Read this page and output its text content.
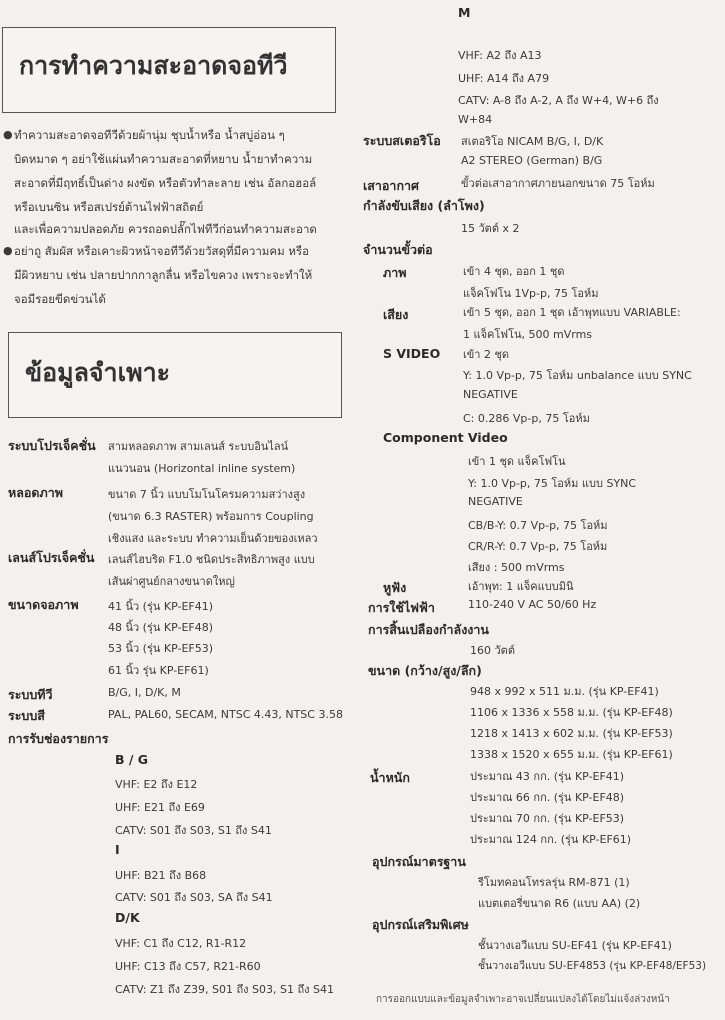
การทำความสะอาดจอทีวี
● ทำความสะอาดจอทีวีด้วยผ้านุ่ม ชุบน้ำหรือ น้ำสบู่อ่อน ๆ
บิดหมาด ๆ อย่าใช้แผ่นทำความสะอาดที่หยาบ น้ำยาทำความ
สะอาดที่มีฤทธิ์เป็นด่าง ผงขัด หรือตัวทำละลาย เช่น อัลกอฮอล์
หรือเบนซิน หรือสเปรย์ต้านไฟฟ้าสถิตย์
และเพื่อความปลอดภัย ควรถอดปลั๊กไฟทีวีก่อนทำความสะอาด
● อย่าถู สัมผัส หรือเคาะผิวหน้าจอทีวีด้วยวัสดุที่มีความคม หรือ
มีผิวหยาบ เช่น ปลายปากกาลูกลื่น หรือไขควง เพราะจะทำให้
จอมีรอยขีดข่วนได้
ข้อมูลจำเพาะ
ระบบโปรเจ็คชั่น สามหลอดภาพ สามเลนส์ ระบบอินไลน์
แนวนอน (Horizontal inline system)
หลอดภาพ	ขนาด 7 นิ้ว แบบโมโนโครมความสว่างสูง
(ขนาด 6.3 RASTER) พร้อมการ Coupling
เชิงแสง และระบบ ทำความเย็นด้วยของเหลว
เลนส์โปรเจ็คชั่น เลนส์ไฮบริด F1.0 ชนิดประสิทธิภาพสูง แบบ
เส้นผ่าศูนย์กลางขนาดใหญ่
ขนาดจอภาพ	41 นิ้ว (รุ่น KP-EF41)
48 นิ้ว (รุ่น KP-EF48)
53 นิ้ว (รุ่น KP-EF53)
61 นิ้ว รุ่น KP-EF61)
ระบบทีวี	B/G, I, D/K, M
ระบบสี	PAL, PAL60, SECAM, NTSC 4.43, NTSC 3.58
การรับช่องรายการ
B / G
VHF: E2 ถึง E12
UHF: E21 ถึง E69
CATV: S01 ถึง S03, S1 ถึง S41
I
UHF: B21 ถึง B68
CATV: S01 ถึง S03, SA ถึง S41
D/K
VHF: C1 ถึง C12, R1-R12
UHF: C13 ถึง C57, R21-R60
CATV: Z1 ถึง Z39, S01 ถึง S03, S1 ถึง S41
M
VHF: A2 ถึง A13
UHF: A14 ถึง A79
CATV: A-8 ถึง A-2, A ถึง W+4, W+6 ถึง
W+84
ระบบสเตอริโอ สเตอริโอ NICAM B/G, I, D/K
A2 STEREO (German) B/G
เสาอากาศ	ขั้วต่อเสาอากาศภายนอกขนาด 75 โอห์ม
กำลังขับเสียง (ลำโพง)
15 วัตต์ x 2
จำนวนขั้วต่อ
ภาพ	เข้า 4 ชุด, ออก 1 ชุด
แจ็คโฟโน 1Vp-p, 75 โอห์ม
เสียง	เข้า 5 ชุด, ออก 1 ชุด เอ้าพุทแบบ VARIABLE:
1 แจ็คโฟโน, 500 mVrms
S VIDEO เข้า 2 ชุด
Y: 1.0 Vp-p, 75 โอห์ม unbalance แบบ SYNC
NEGATIVE
C: 0.286 Vp-p, 75 โอห์ม
Component Video
เข้า 1 ชุด แจ็คโฟโน
Y: 1.0 Vp-p, 75 โอห์ม แบบ SYNC
NEGATIVE
CB/B-Y: 0.7 Vp-p, 75 โอห์ม
CR/R-Y: 0.7 Vp-p, 75 โอห์ม
เสียง : 500 mVrms
หูฟัง	เอ้าพุท: 1 แจ็คแบบมินิ
การใช้ไฟฟ้า	110-240 V AC 50/60 Hz
การสิ้นเปลืองกำลังงาน
160 วัตต์
ขนาด (กว้าง/สูง/ลึก)
948 x 992 x 511 ม.ม. (รุ่น KP-EF41)
1106 x 1336 x 558 ม.ม. (รุ่น KP-EF48)
1218 x 1413 x 602 ม.ม. (รุ่น KP-EF53)
1338 x 1520 x 655 ม.ม. (รุ่น KP-EF61)
น้ำหนัก	ประมาณ 43 กก. (รุ่น KP-EF41)
ประมาณ 66 กก. (รุ่น KP-EF48)
ประมาณ 70 กก. (รุ่น KP-EF53)
ประมาณ 124 กก. (รุ่น KP-EF61)
อุปกรณ์มาตรฐาน
รีโมทคอนโทรลรุ่น RM-871 (1)
แบตเตอรี่ขนาด R6 (แบบ AA) (2)
อุปกรณ์เสริมพิเศษ
ชั้นวางเอวีแบบ SU-EF41 (รุ่น KP-EF41)
ชั้นวางเอวีแบบ SU-EF4853 (รุ่น KP-EF48/EF53)
การออกแบบและข้อมูลจำเพาะอาจเปลี่ยนแปลงได้โดยไม่แจ้งล่วงหน้า
